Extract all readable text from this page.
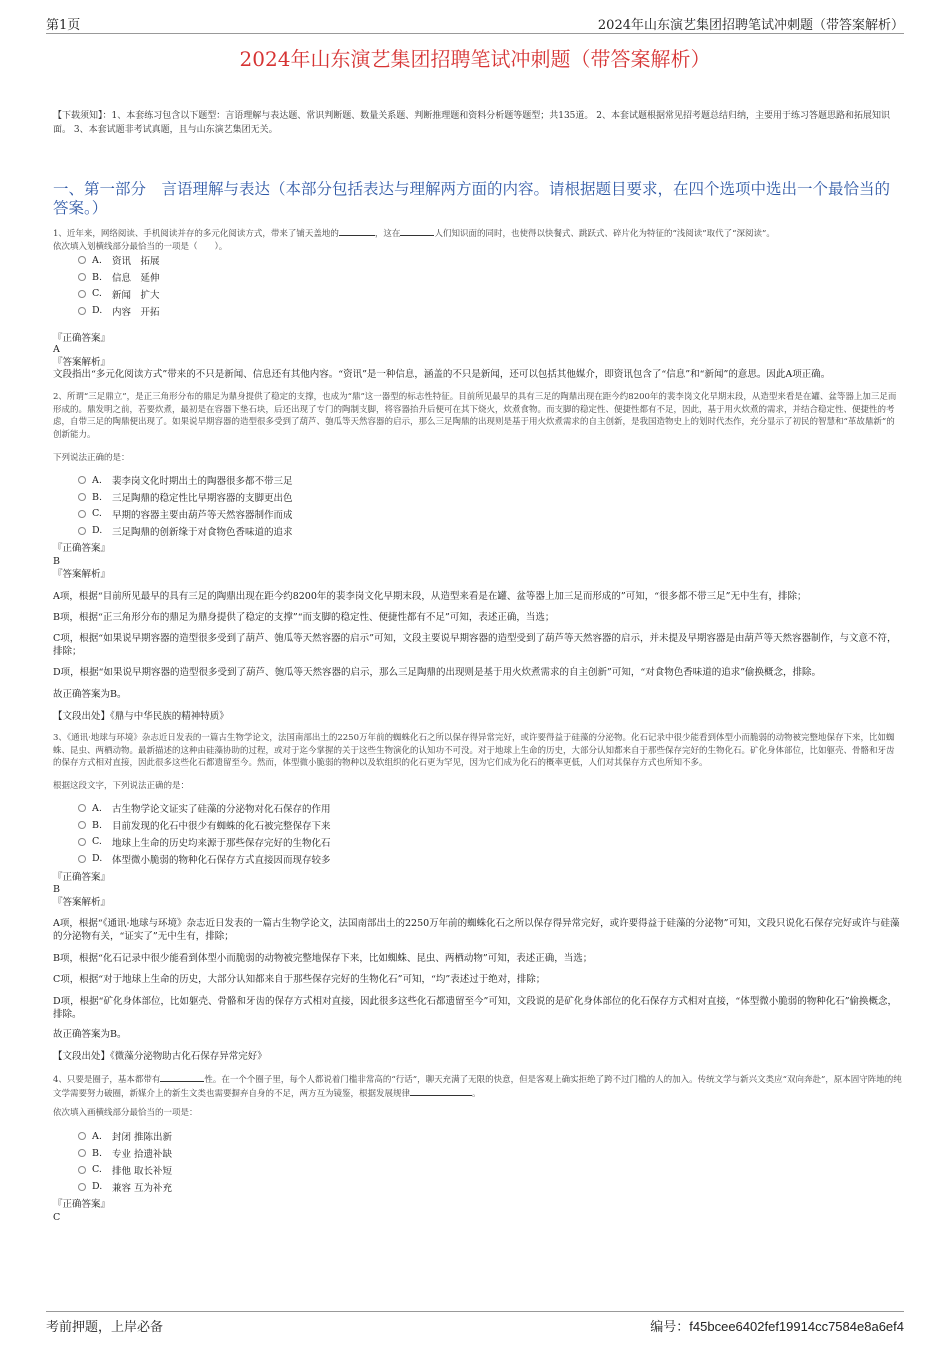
第1页	2024年山东演艺集团招聘笔试冲刺题（带答案解析）
2024年山东演艺集团招聘笔试冲刺题（带答案解析）
【下载须知】：1、本套练习包含以下题型：言语理解与表达题、常识判断题、数量关系题、判断推理题和资料分析题等题型；共135道。 2、本套试题根据常见招考题总结归纳，主要用于练习答题思路和拓展知识面。 3、本套试题非考试真题，且与山东演艺集团无关。
一、第一部分　言语理解与表达（本部分包括表达与理解两方面的内容。请根据题目要求，在四个选项中选出一个最恰当的答案。）

1、近年来，网络阅读、手机阅读并存的多元化阅读方式，带来了铺天盖地的	，这在	人们知识面的同时，也使得以快餐式、跳跃式、碎片化为特征的“浅阅读”取代了“深阅读”。

依次填入划横线部分最恰当的一项是（　　）。

A.	资讯　拓展
B.	信息　延伸
C.	新闻　扩大
D.	内容　开拓
『正确答案』
A
『答案解析』
文段指出“多元化阅读方式”带来的不只是新闻、信息还有其他内容。“资讯”是一种信息，涵盖的不只是新闻，还可以包括其他媒介，即资讯包含了“信息”和“新闻”的意思。因此A项正确。
2、所谓“三足鼎立”，是正三角形分布的鼎足为鼎身提供了稳定的支撑，也成为“鼎”这一器型的标志性特征。目前所见最早的具有三足的陶鼎出现在距今约8200年的裴李岗文化早期末段，从造型来看是在罐、盆等器上加三足而形成的。鼎发明之前，若要炊煮，最初是在容器下垫石块，后还出现了专门的陶制支脚，将容器抬升后便可在其下烧火，炊煮食物。而支脚的稳定性、便捷性都有不足，因此，基于用火炊煮的需求，并结合稳定性、便捷性的考虑，自带三足的陶鼎便出现了。如果说早期容器的造型很多受到了葫芦、匏瓜等天然容器的启示，那么三足陶鼎的出现则是基于用火炊煮需求的自主创新，是我国造物史上的划时代杰作，充分显示了初民的智慧和“革故鼎新”的创新能力。
下列说法正确的是：
A.	裴李岗文化时期出土的陶器很多都不带三足
B.	三足陶鼎的稳定性比早期容器的支脚更出色
C.	早期的容器主要由葫芦等天然容器制作而成
D.	三足陶鼎的创新缘于对食物色香味道的追求
『正确答案』
B
『答案解析』
A项，根据“目前所见最早的具有三足的陶鼎出现在距今约8200年的裴李岗文化早期末段，从造型来看是在罐、盆等器上加三足而形成的”可知，“很多都不带三足”无中生有，排除；
B项，根据“正三角形分布的鼎足为鼎身提供了稳定的支撑”“而支脚的稳定性、便捷性都有不足”可知，表述正确，当选；
C项，根据“如果说早期容器的造型很多受到了葫芦、匏瓜等天然容器的启示”可知，文段主要说早期容器的造型受到了葫芦等天然容器的启示，并未提及早期容器是由葫芦等天然容器制作，与文意不符，排除；
D项，根据“如果说早期容器的造型很多受到了葫芦、匏瓜等天然容器的启示，那么三足陶鼎的出现则是基于用火炊煮需求的自主创新”可知，“对食物色香味道的追求”偷换概念，排除。
故正确答案为B。
【文段出处】《鼎与中华民族的精神特质》
3、《通讯·地球与环境》杂志近日发表的一篇古生物学论文，法国南部出土的2250万年前的蜘蛛化石之所以保存得异常完好，或许要得益于硅藻的分泌物。化石记录中很少能看到体型小而脆弱的动物被完整地保存下来，比如蜘蛛、昆虫、两栖动物。最新描述的这种由硅藻协助的过程，或对于迄今掌握的关于这些生物演化的认知功不可没。对于地球上生命的历史，大部分认知都来自于那些保存完好的生物化石。矿化身体部位，比如躯壳、骨骼和牙齿的保存方式相对直接，因此很多这些化石都遗留至今。然而，体型微小脆弱的物种以及软组织的化石更为罕见，因为它们成为化石的概率更低，人们对其保存方式也所知不多。
根据这段文字，下列说法正确的是：
A.	古生物学论文证实了硅藻的分泌物对化石保存的作用
B.	目前发现的化石中很少有蜘蛛的化石被完整保存下来
C.	地球上生命的历史均来源于那些保存完好的生物化石
D.	体型微小脆弱的物种化石保存方式直接因而现存较多
『正确答案』
B
『答案解析』
A项，根据“《通讯·地球与环境》杂志近日发表的一篇古生物学论文，法国南部出土的2250万年前的蜘蛛化石之所以保存得异常完好，或许要得益于硅藻的分泌物”可知，文段只说化石保存完好或许与硅藻的分泌物有关，“证实了”无中生有，排除；
B项，根据“化石记录中很少能看到体型小而脆弱的动物被完整地保存下来，比如蜘蛛、昆虫、两栖动物”可知，表述正确，当选；
C项，根据“对于地球上生命的历史，大部分认知都来自于那些保存完好的生物化石”可知，“均”表述过于绝对，排除；
D项，根据“矿化身体部位，比如躯壳、骨骼和牙齿的保存方式相对直接，因此很多这些化石都遗留至今”可知，文段说的是矿化身体部位的化石保存方式相对直接，“体型微小脆弱的物种化石”偷换概念，排除。
故正确答案为B。
【文段出处】《微藻分泌物助古化石保存异常完好》

4、只要是圈子，基本都带有	性。在一个个圈子里，每个人都说着门槛非常高的“行话”，聊天充满了无限的快意，但是客观上确实拒绝了跨不过门槛的人的加入。传统文学与新兴文类应“双向奔赴”，原本固守阵地的纯文学需要努力破圈，新媒介上的新生文类也需要摒弃自身的不足，两方互为镜鉴，根据发展规律	。

依次填入画横线部分最恰当的一项是：
A.	封闭 推陈出新
B.	专业 拾遗补缺
C.	排他 取长补短
D.	兼容 互为补充
『正确答案』
C
考前押题，上岸必备	编号：f45bcee6402fef19914cc7584e8a6ef4
